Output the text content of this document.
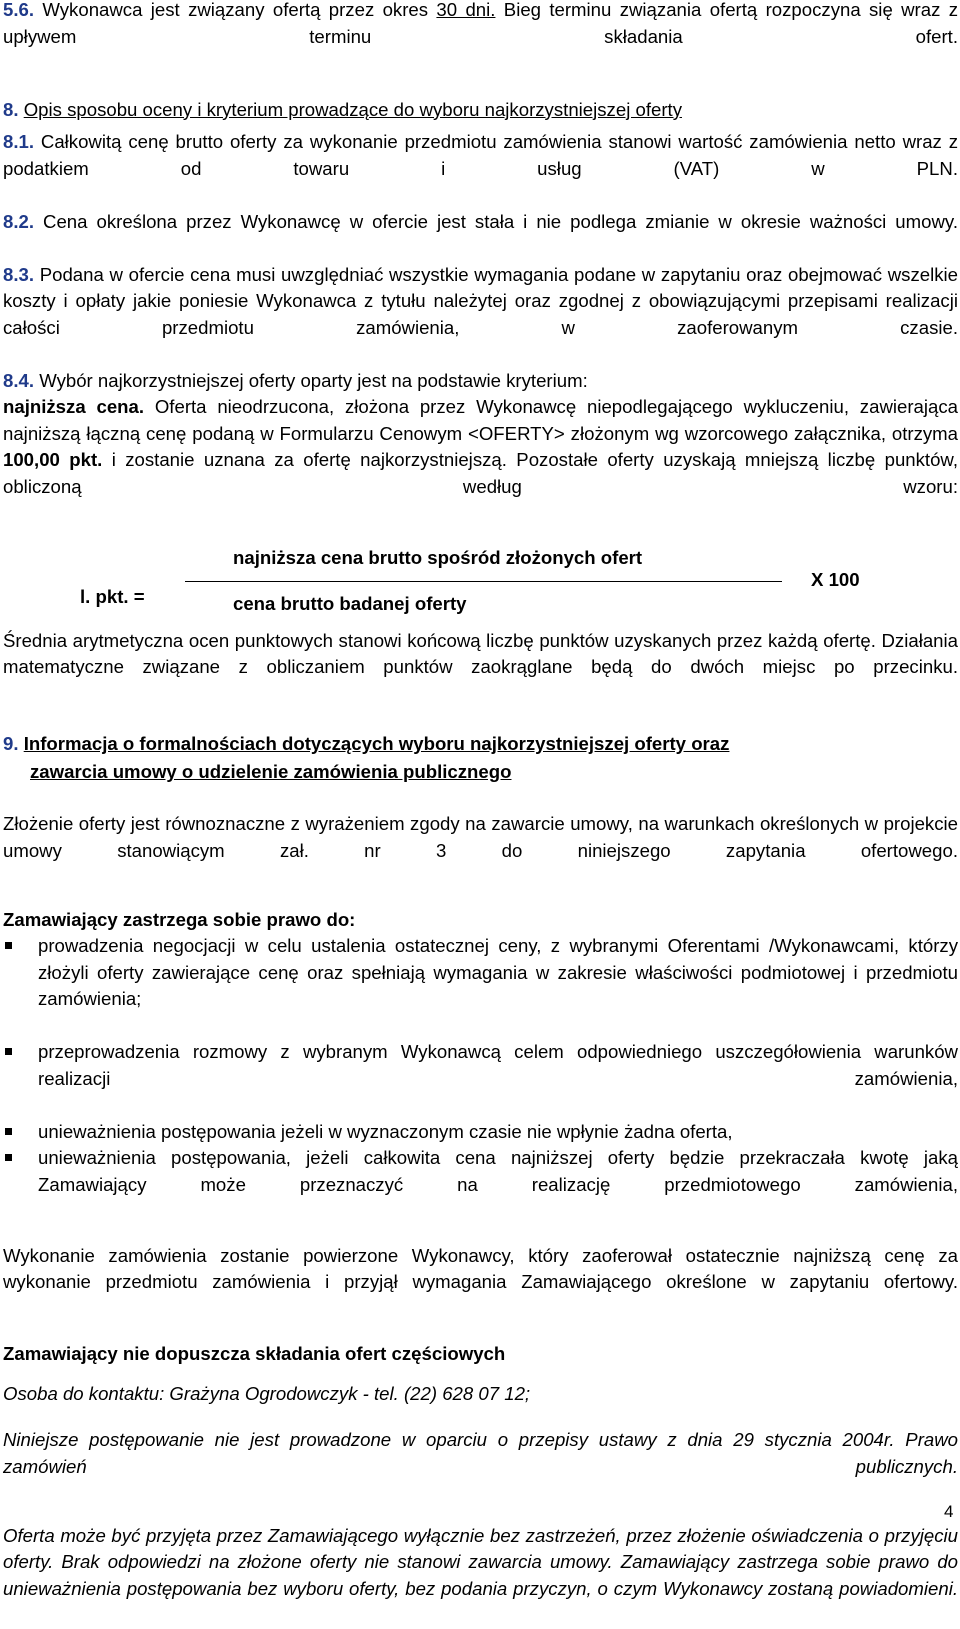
5.6. Wykonawca jest związany ofertą przez okres 30 dni. Bieg terminu związania ofertą rozpoczyna się wraz z upływem terminu składania ofert.

8. Opis sposobu oceny i kryterium prowadzące do wyboru najkorzystniejszej oferty

8.1. Całkowitą cenę brutto oferty za wykonanie przedmiotu zamówienia stanowi wartość zamówienia netto wraz z podatkiem od towaru i usług (VAT) w PLN.

8.2. Cena określona przez Wykonawcę w ofercie jest stała i nie podlega zmianie w okresie ważności umowy.

8.3. Podana w ofercie cena musi uwzględniać wszystkie wymagania podane w zapytaniu oraz obejmować wszelkie koszty i opłaty jakie poniesie Wykonawca z tytułu należytej oraz zgodnej z obowiązującymi przepisami realizacji całości przedmiotu zamówienia, w zaoferowanym czasie.

8.4. Wybór najkorzystniejszej oferty oparty jest na podstawie kryterium:

najniższa cena. Oferta nieodrzucona, złożona przez Wykonawcę niepodlegającego wykluczeniu, zawierająca najniższą łączną cenę podaną w Formularzu Cenowym <OFERTY> złożonym wg wzorcowego załącznika, otrzyma 100,00 pkt. i zostanie uznana za ofertę najkorzystniejszą. Pozostałe oferty uzyskają mniejszą liczbę punktów, obliczoną według wzoru:

najniższa cena brutto spośród złożonych ofert
l. pkt. =	cena brutto badanej oferty
X 100

Średnia arytmetyczna ocen punktowych stanowi końcową liczbę punktów uzyskanych przez każdą ofertę. Działania matematyczne związane z obliczaniem punktów zaokrąglane będą do dwóch miejsc po przecinku.

9. Informacja o formalnościach dotyczących wyboru najkorzystniejszej oferty oraz
zawarcia umowy o udzielenie zamówienia publicznego

Złożenie oferty jest równoznaczne z wyrażeniem zgody na zawarcie umowy, na warunkach określonych w projekcie umowy stanowiącym zał. nr 3 do niniejszego zapytania ofertowego.

Zamawiający zastrzega sobie prawo do:

prowadzenia negocjacji w celu ustalenia ostatecznej ceny, z wybranymi Oferentami /Wykonawcami, którzy złożyli oferty zawierające cenę oraz spełniają wymagania w zakresie właściwości podmiotowej i przedmiotu zamówienia;
przeprowadzenia rozmowy z wybranym Wykonawcą celem odpowiedniego uszczegółowienia warunków realizacji zamówienia,
unieważnienia postępowania jeżeli w wyznaczonym czasie nie wpłynie żadna oferta,
unieważnienia postępowania, jeżeli całkowita cena najniższej oferty będzie przekraczała kwotę jaką Zamawiający może przeznaczyć na realizację przedmiotowego zamówienia,

Wykonanie zamówienia zostanie powierzone Wykonawcy, który zaoferował ostatecznie najniższą cenę za wykonanie przedmiotu zamówienia i przyjął wymagania Zamawiającego określone w zapytaniu ofertowy.

Zamawiający nie dopuszcza składania ofert częściowych

Osoba do kontaktu: Grażyna Ogrodowczyk - tel. (22) 628 07 12;

Niniejsze postępowanie nie jest prowadzone w oparciu o przepisy ustawy z dnia 29 stycznia 2004r. Prawo zamówień publicznych.

Oferta może być przyjęta przez Zamawiającego wyłącznie bez zastrzeżeń, przez złożenie oświadczenia o przyjęciu oferty. Brak odpowiedzi na złożone oferty nie stanowi zawarcia umowy. Zamawiający zastrzega sobie prawo do unieważnienia postępowania bez wyboru oferty, bez podania przyczyn, o czym Wykonawcy zostaną powiadomieni.

4
